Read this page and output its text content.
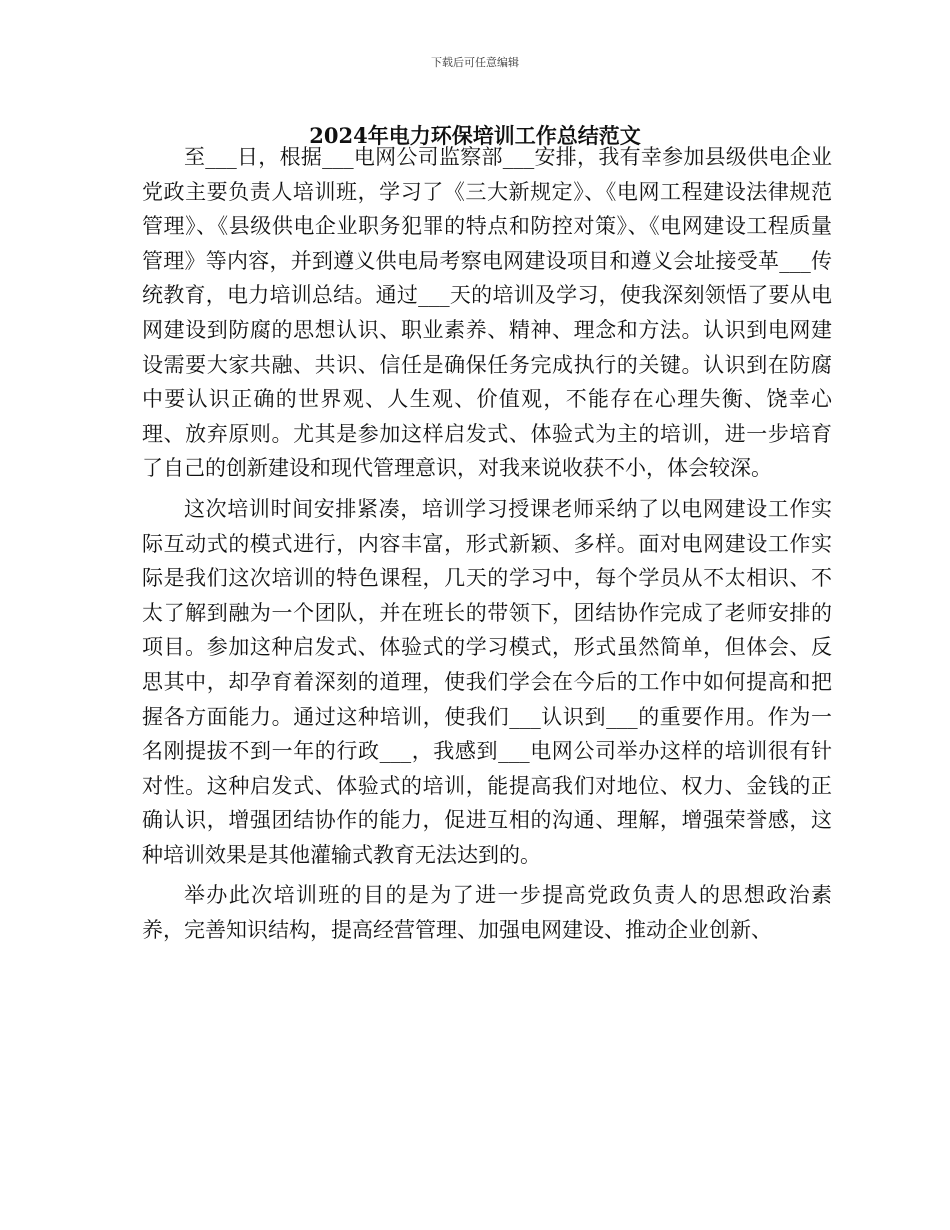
下载后可任意编辑
2024年电力环保培训工作总结范文

至___日，根据___电网公司监察部___安排，我有幸参加县级供电企业党政主要负责人培训班，学习了《三大新规定》、《电网工程建设法律规范管理》、《县级供电企业职务犯罪的特点和防控对策》、《电网建设工程质量管理》等内容，并到遵义供电局考察电网建设项目和遵义会址接受革___传统教育，电力培训总结。通过___天的培训及学习，使我深刻领悟了要从电网建设到防腐的思想认识、职业素养、精神、理念和方法。认识到电网建设需要大家共融、共识、信任是确保任务完成执行的关键。认识到在防腐中要认识正确的世界观、人生观、价值观，不能存在心理失衡、饶幸心理、放弃原则。尤其是参加这样启发式、体验式为主的培训，进一步培育了自己的创新建设和现代管理意识，对我来说收获不小，体会较深。

这次培训时间安排紧凑，培训学习授课老师采纳了以电网建设工作实际互动式的模式进行，内容丰富，形式新颖、多样。面对电网建设工作实际是我们这次培训的特色课程，几天的学习中，每个学员从不太相识、不太了解到融为一个团队，并在班长的带领下，团结协作完成了老师安排的项目。参加这种启发式、体验式的学习模式，形式虽然简单，但体会、反思其中，却孕育着深刻的道理，使我们学会在今后的工作中如何提高和把握各方面能力。通过这种培训，使我们___认识到___的重要作用。作为一名刚提拔不到一年的行政___，我感到___电网公司举办这样的培训很有针对性。这种启发式、体验式的培训，能提高我们对地位、权力、金钱的正确认识，增强团结协作的能力，促进互相的沟通、理解，增强荣誉感，这种培训效果是其他灌输式教育无法达到的。

举办此次培训班的目的是为了进一步提高党政负责人的思想政治素养，完善知识结构，提高经营管理、加强电网建设、推动企业创新、
